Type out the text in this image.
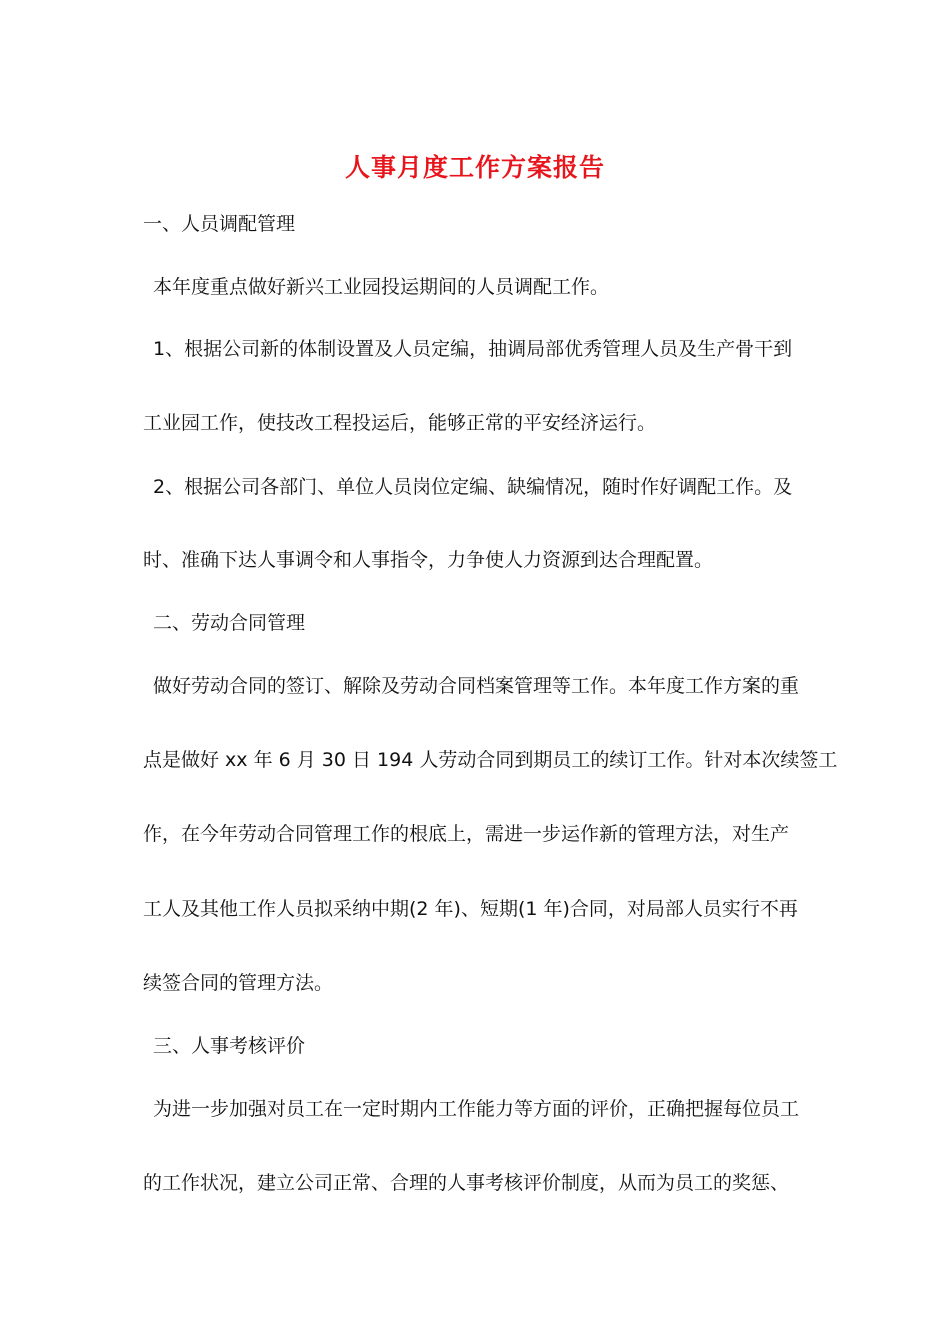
人事月度工作方案报告
一、人员调配管理
本年度重点做好新兴工业园投运期间的人员调配工作。
1、根据公司新的体制设置及人员定编，抽调局部优秀管理人员及生产骨干到
工业园工作，使技改工程投运后，能够正常的平安经济运行。
2、根据公司各部门、单位人员岗位定编、缺编情况，随时作好调配工作。及
时、准确下达人事调令和人事指令，力争使人力资源到达合理配置。
二、劳动合同管理
做好劳动合同的签订、解除及劳动合同档案管理等工作。本年度工作方案的重
点是做好 xx 年 6 月 30 日 194 人劳动合同到期员工的续订工作。针对本次续签工
作，在今年劳动合同管理工作的根底上，需进一步运作新的管理方法，对生产
工人及其他工作人员拟采纳中期(2 年)、短期(1 年)合同，对局部人员实行不再
续签合同的管理方法。
三、人事考核评价
为进一步加强对员工在一定时期内工作能力等方面的评价，正确把握每位员工
的工作状况，建立公司正常、合理的人事考核评价制度，从而为员工的奖惩、
